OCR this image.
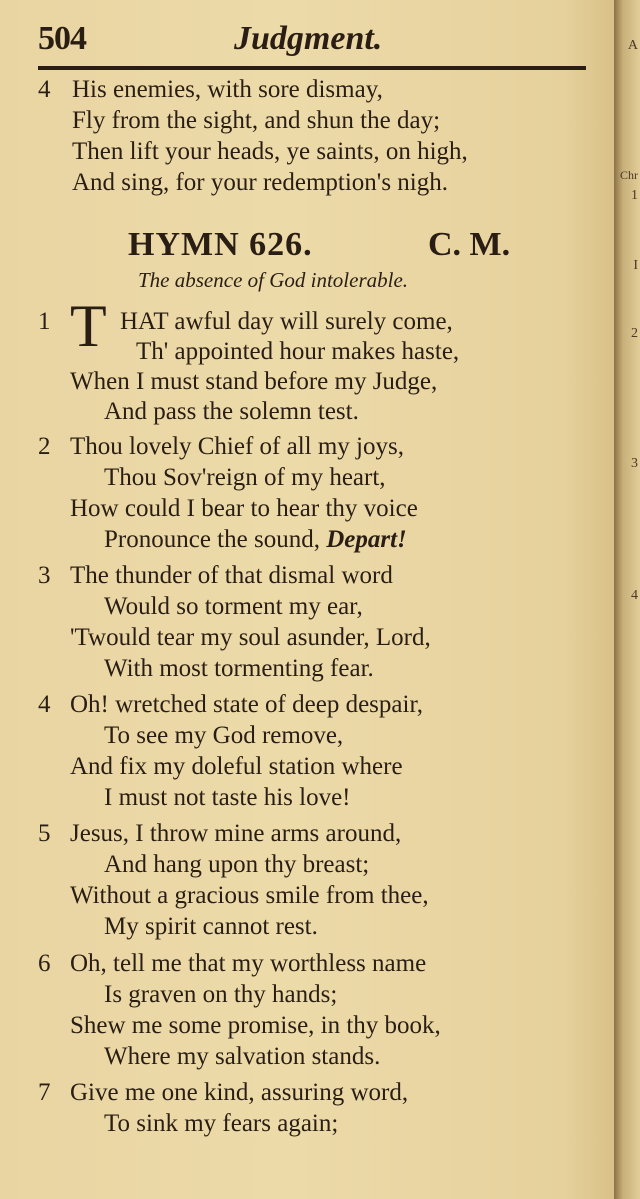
504	Judgment.
4 His enemies, with sore dismay,
Fly from the sight, and shun the day;
Then lift your heads, ye saints, on high,
And sing, for your redemption's nigh.
HYMN 626.	C. M.
The absence of God intolerable.
1 T HAT awful day will surely come,
Th' appointed hour makes haste,
When I must stand before my Judge,
And pass the solemn test.
2 Thou lovely Chief of all my joys,
Thou Sov'reign of my heart,
How could I bear to hear thy voice
Pronounce the sound, Depart!
3 The thunder of that dismal word
Would so torment my ear,
'Twould tear my soul asunder, Lord,
With most tormenting fear.
4 Oh! wretched state of deep despair,
To see my God remove,
And fix my doleful station where
I must not taste his love!
5 Jesus, I throw mine arms around,
And hang upon thy breast;
Without a gracious smile from thee,
My spirit cannot rest.
6 Oh, tell me that my worthless name
Is graven on thy hands;
Shew me some promise, in thy book,
Where my salvation stands.
7 Give me one kind, assuring word,
To sink my fears again;
A
Chr
1
I
2
3
4
